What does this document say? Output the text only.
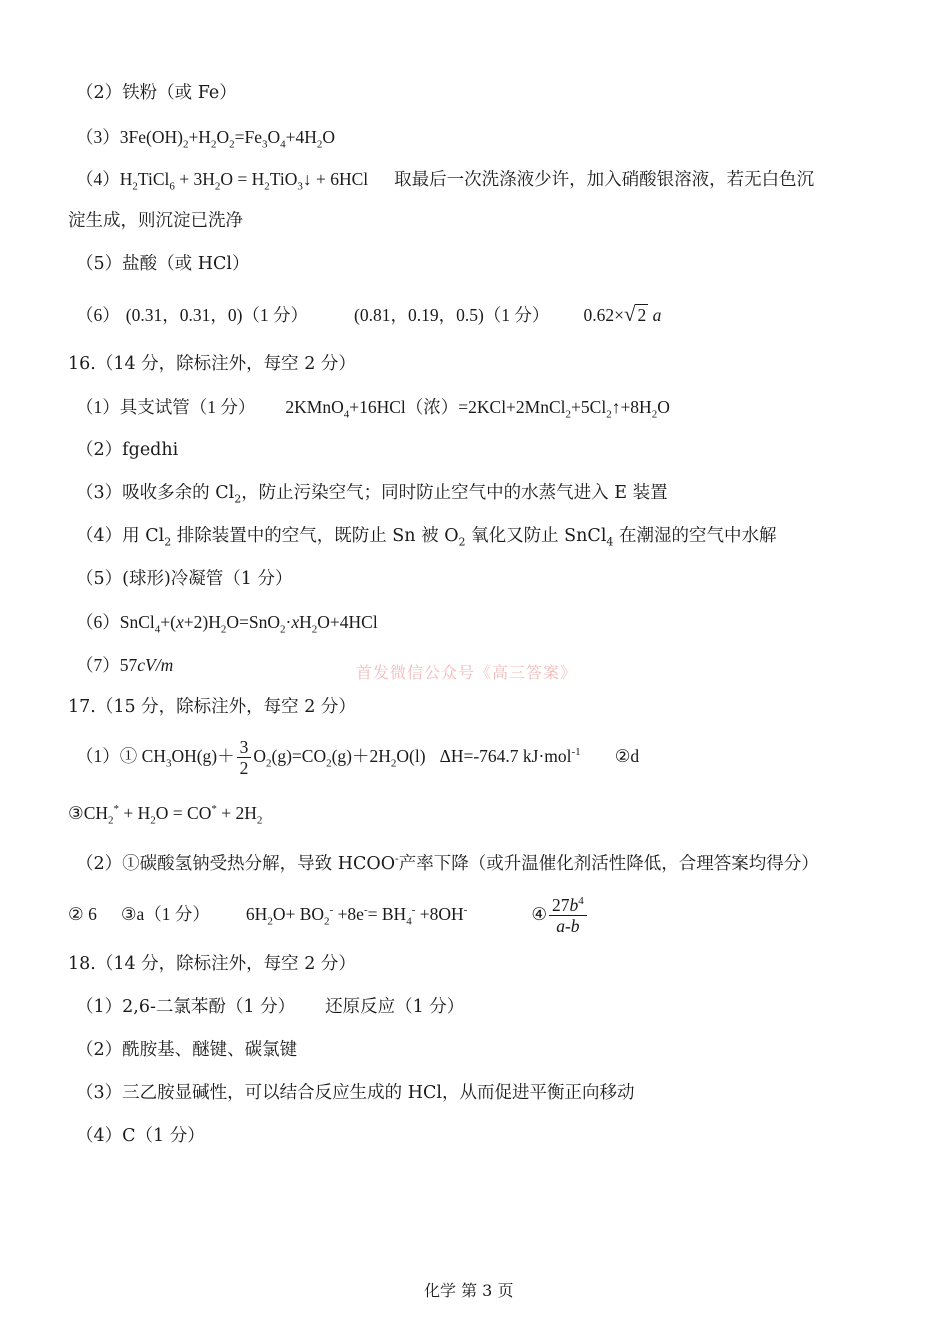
（2）铁粉（或 Fe）
$(3)3Fe(OH)_2+H_2O_2=Fe_3O_4+4H_2O$
$(4)H_2TiCl_6 + 3H_2O$ = $H_2TiO_3↓ + 6HCl$ 取最后一次洗涤液少许，加入硝酸银溶液，若无白色沉
淀生成，则沉淀已洗净
（5）盐酸（或 HCl）
（6） (0.31，0.31，0)（1 分）	(0.81，0.19，0.5)（1 分） 0.62×√ 2 a
16.（14 分，除标注外，每空 2 分）
（1）具支试管（1 分） 2KMnO$_4$+16HCl（浓）$=2KCl+2MnCl_2+5Cl_2↑+8H_2O$
（2）fgedhi
（3）吸收多余的 $Cl_2$，防止污染空气；同时防止空气中的水蒸气进入 E 装置
（4）用 $Cl_2$ 排除装置中的空气，既防止 Sn 被 $O_2$ 氧化又防止 SnCl$_4$ 在潮湿的空气中水解
（5）(球形)冷凝管（1 分）
$(6)SnCl_4+(x+2)H_2O=SnO_2\cdot xH_2O+4HCl$
（7）57cV/m	首发微信公众号《高三答案》
17.（15 分，除标注外，每空 2 分）
（1）① $CH_3OH(g)+ \frac{3}{2} O_2(g)=CO_2(g)+2H_2O(l)$ ΔH=-764.7 kJ·mol$^{-1}$ ②d
$③CH_2^* + H_2O = CO^* + 2H_2$
（2）①碳酸氢钠受热分解，导致 HCOO-产率下降（或升温催化剂活性降低，合理答案均得分）
② 6 ③a（1 分） $6H_2O+ BO_2^- +8e^-= BH_4^- +8OH^-$	④ $\frac{27b^4}{a-b}$
18.（14 分，除标注外，每空 2 分）
（1）2,6-二氯苯酚（1 分） 还原反应（1 分）
（2）酰胺基、醚键、碳氯键
（3）三乙胺显碱性，可以结合反应生成的 HCl，从而促进平衡正向移动
（4）C（1 分）
化学 第 3 页
